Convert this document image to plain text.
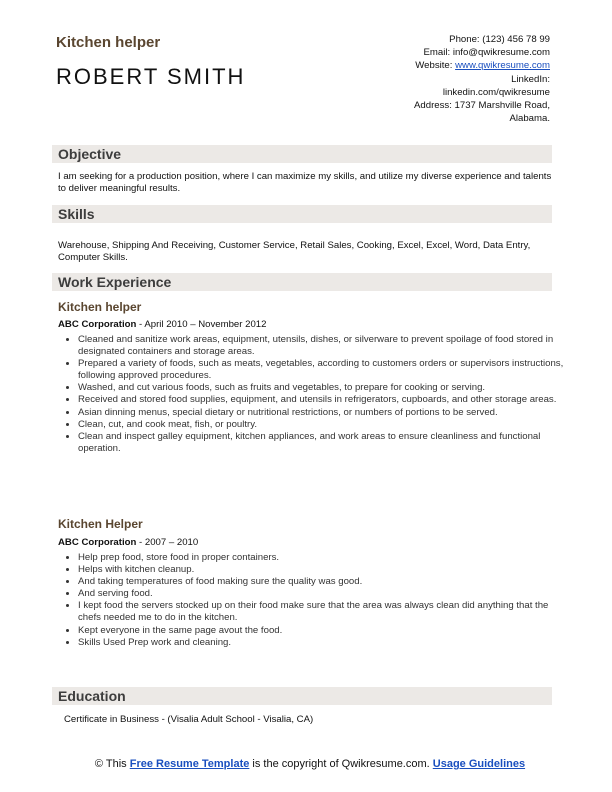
Kitchen helper
ROBERT SMITH
Phone: (123) 456 78 99
Email: info@qwikresume.com
Website: www.qwikresume.com
LinkedIn:
linkedin.com/qwikresume
Address: 1737 Marshville Road,
Alabama.
Objective

I am seeking for a production position, where I can maximize my skills, and utilize my diverse experience and talents to deliver meaningful results.

Skills

Warehouse, Shipping And Receiving, Customer Service, Retail Sales, Cooking, Excel, Excel, Word, Data Entry, Computer Skills.

Work Experience
Kitchen helper
ABC Corporation - April 2010 – November 2012
• Cleaned and sanitize work areas, equipment, utensils, dishes, or silverware to prevent spoilage of food stored in designated containers and storage areas.
• Prepared a variety of foods, such as meats, vegetables, according to customers orders or supervisors instructions, following approved procedures.
• Washed, and cut various foods, such as fruits and vegetables, to prepare for cooking or serving.
• Received and stored food supplies, equipment, and utensils in refrigerators, cupboards, and other storage areas.
• Asian dinning menus, special dietary or nutritional restrictions, or numbers of portions to be served.
• Clean, cut, and cook meat, fish, or poultry.
• Clean and inspect galley equipment, kitchen appliances, and work areas to ensure cleanliness and functional operation.
Kitchen Helper
ABC Corporation - 2007 – 2010
• Help prep food, store food in proper containers.
• Helps with kitchen cleanup.
• And taking temperatures of food making sure the quality was good.
• And serving food.
• I kept food the servers stocked up on their food make sure that the area was always clean did anything that the chefs needed me to do in the kitchen.
• Kept everyone in the same page avout the food.
• Skills Used Prep work and cleaning.
Education
Certificate in Business - (Visalia Adult School - Visalia, CA)
© This Free Resume Template is the copyright of Qwikresume.com. Usage Guidelines
